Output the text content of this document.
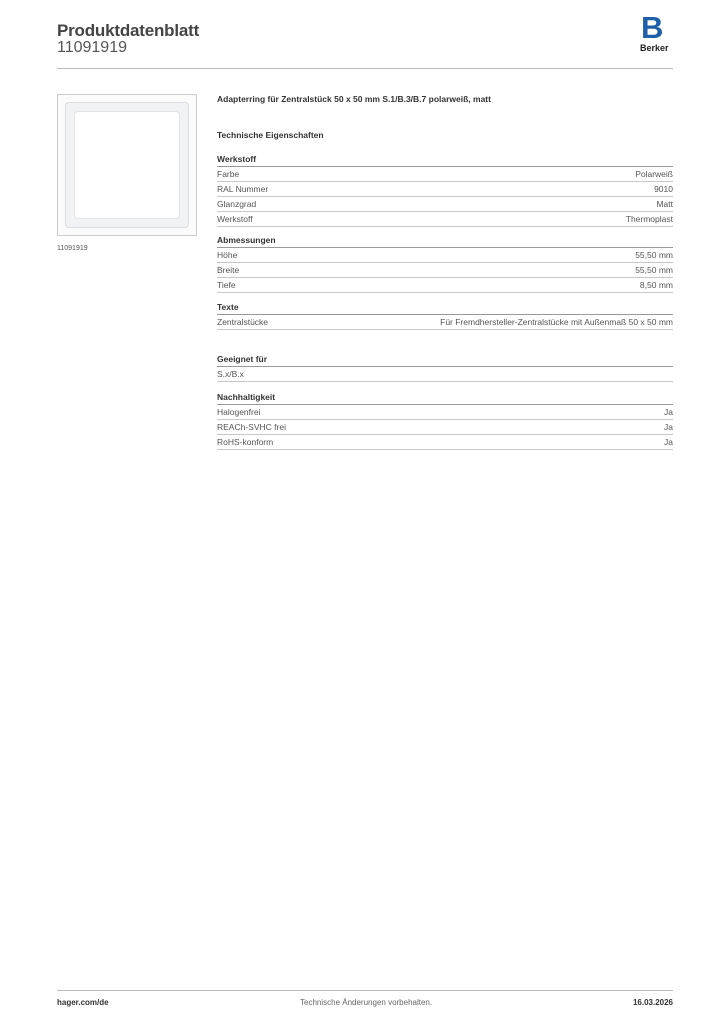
Produktdatenblatt
11091919
B
Berker
11091919
Adapterring für Zentralstück 50 x 50 mm S.1/B.3/B.7 polarweiß, matt
Technische Eigenschaften
Werkstoff
Farbe	Polarweiß
RAL Nummer	9010
Glanzgrad	Matt
Werkstoff	Thermoplast
Abmessungen
Höhe	55,50 mm
Breite	55,50 mm
Tiefe	8,50 mm
Texte
Zentralstücke	Für Fremdhersteller-Zentralstücke mit Außenmaß 50 x 50 mm
Geeignet für
S.x/B.x
Nachhaltigkeit
Halogenfrei	Ja
REACh-SVHC frei	Ja
RoHS-konform	Ja
hager.com/de	Technische Änderungen vorbehalten.	16.03.2026
